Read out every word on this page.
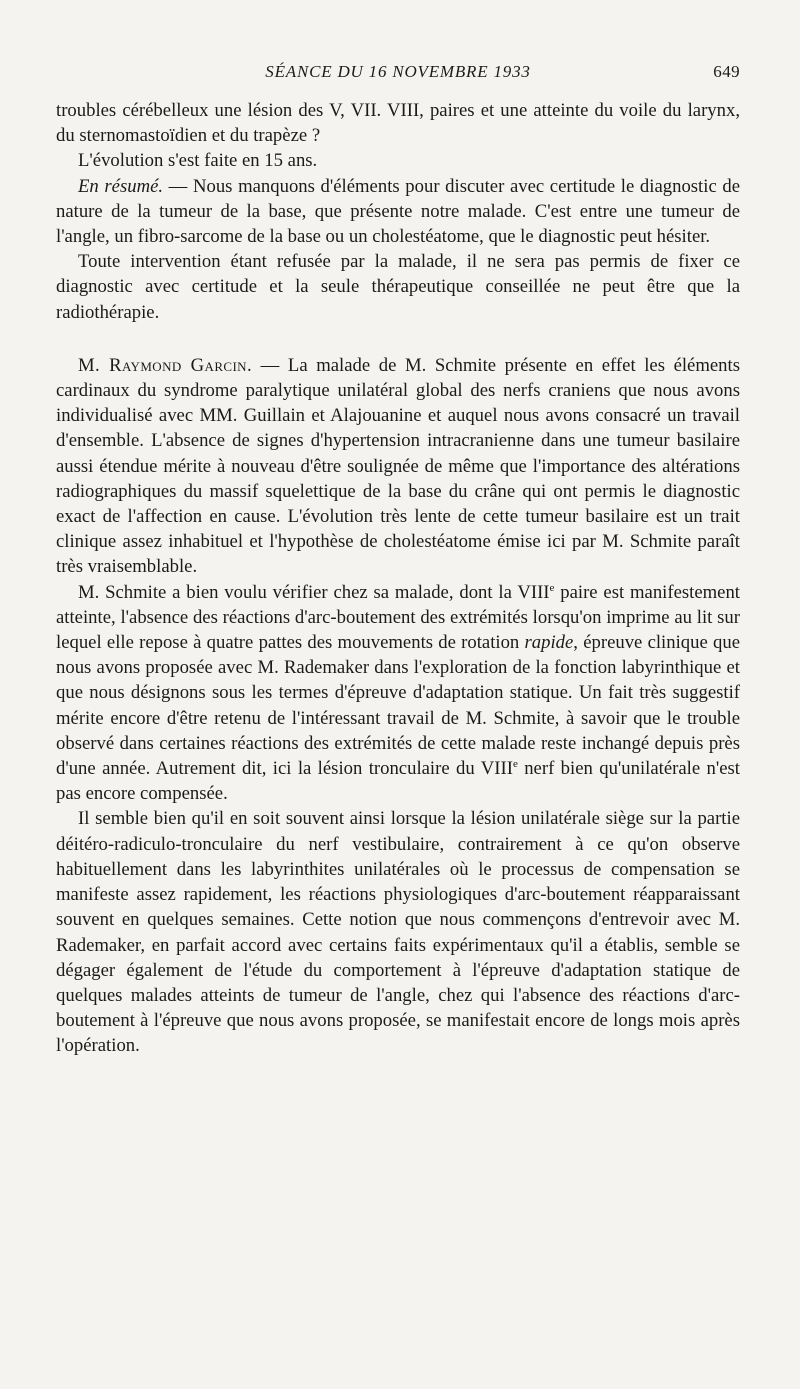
SÉANCE DU 16 NOVEMBRE 1933	649

troubles cérébelleux une lésion des V, VII. VIII, paires et une atteinte du voile du larynx, du sternomastoïdien et du trapèze ?

L'évolution s'est faite en 15 ans.

En résumé. — Nous manquons d'éléments pour discuter avec certitude le diagnostic de nature de la tumeur de la base, que présente notre malade. C'est entre une tumeur de l'angle, un fibro-sarcome de la base ou un cholestéatome, que le diagnostic peut hésiter.

Toute intervention étant refusée par la malade, il ne sera pas permis de fixer ce diagnostic avec certitude et la seule thérapeutique conseillée ne peut être que la radiothérapie.

M. Raymond Garcin. — La malade de M. Schmite présente en effet les éléments cardinaux du syndrome paralytique unilatéral global des nerfs craniens que nous avons individualisé avec MM. Guillain et Alajouanine et auquel nous avons consacré un travail d'ensemble. L'absence de signes d'hypertension intracranienne dans une tumeur basilaire aussi étendue mérite à nouveau d'être soulignée de même que l'importance des altérations radiographiques du massif squelettique de la base du crâne qui ont permis le diagnostic exact de l'affection en cause. L'évolution très lente de cette tumeur basilaire est un trait clinique assez inhabituel et l'hypothèse de cholestéatome émise ici par M. Schmite paraît très vraisemblable.

M. Schmite a bien voulu vérifier chez sa malade, dont la VIIIe paire est manifestement atteinte, l'absence des réactions d'arc-boutement des extrémités lorsqu'on imprime au lit sur lequel elle repose à quatre pattes des mouvements de rotation rapide, épreuve clinique que nous avons proposée avec M. Rademaker dans l'exploration de la fonction labyrinthique et que nous désignons sous les termes d'épreuve d'adaptation statique. Un fait très suggestif mérite encore d'être retenu de l'intéressant travail de M. Schmite, à savoir que le trouble observé dans certaines réactions des extrémités de cette malade reste inchangé depuis près d'une année. Autrement dit, ici la lésion tronculaire du VIIIe nerf bien qu'unilatérale n'est pas encore compensée.

Il semble bien qu'il en soit souvent ainsi lorsque la lésion unilatérale siège sur la partie déitéro-radiculo-tronculaire du nerf vestibulaire, contrairement à ce qu'on observe habituellement dans les labyrinthites unilatérales où le processus de compensation se manifeste assez rapidement, les réactions physiologiques d'arc-boutement réapparaissant souvent en quelques semaines. Cette notion que nous commençons d'entrevoir avec M. Rademaker, en parfait accord avec certains faits expérimentaux qu'il a établis, semble se dégager également de l'étude du comportement à l'épreuve d'adaptation statique de quelques malades atteints de tumeur de l'angle, chez qui l'absence des réactions d'arc-boutement à l'épreuve que nous avons proposée, se manifestait encore de longs mois après l'opération.
